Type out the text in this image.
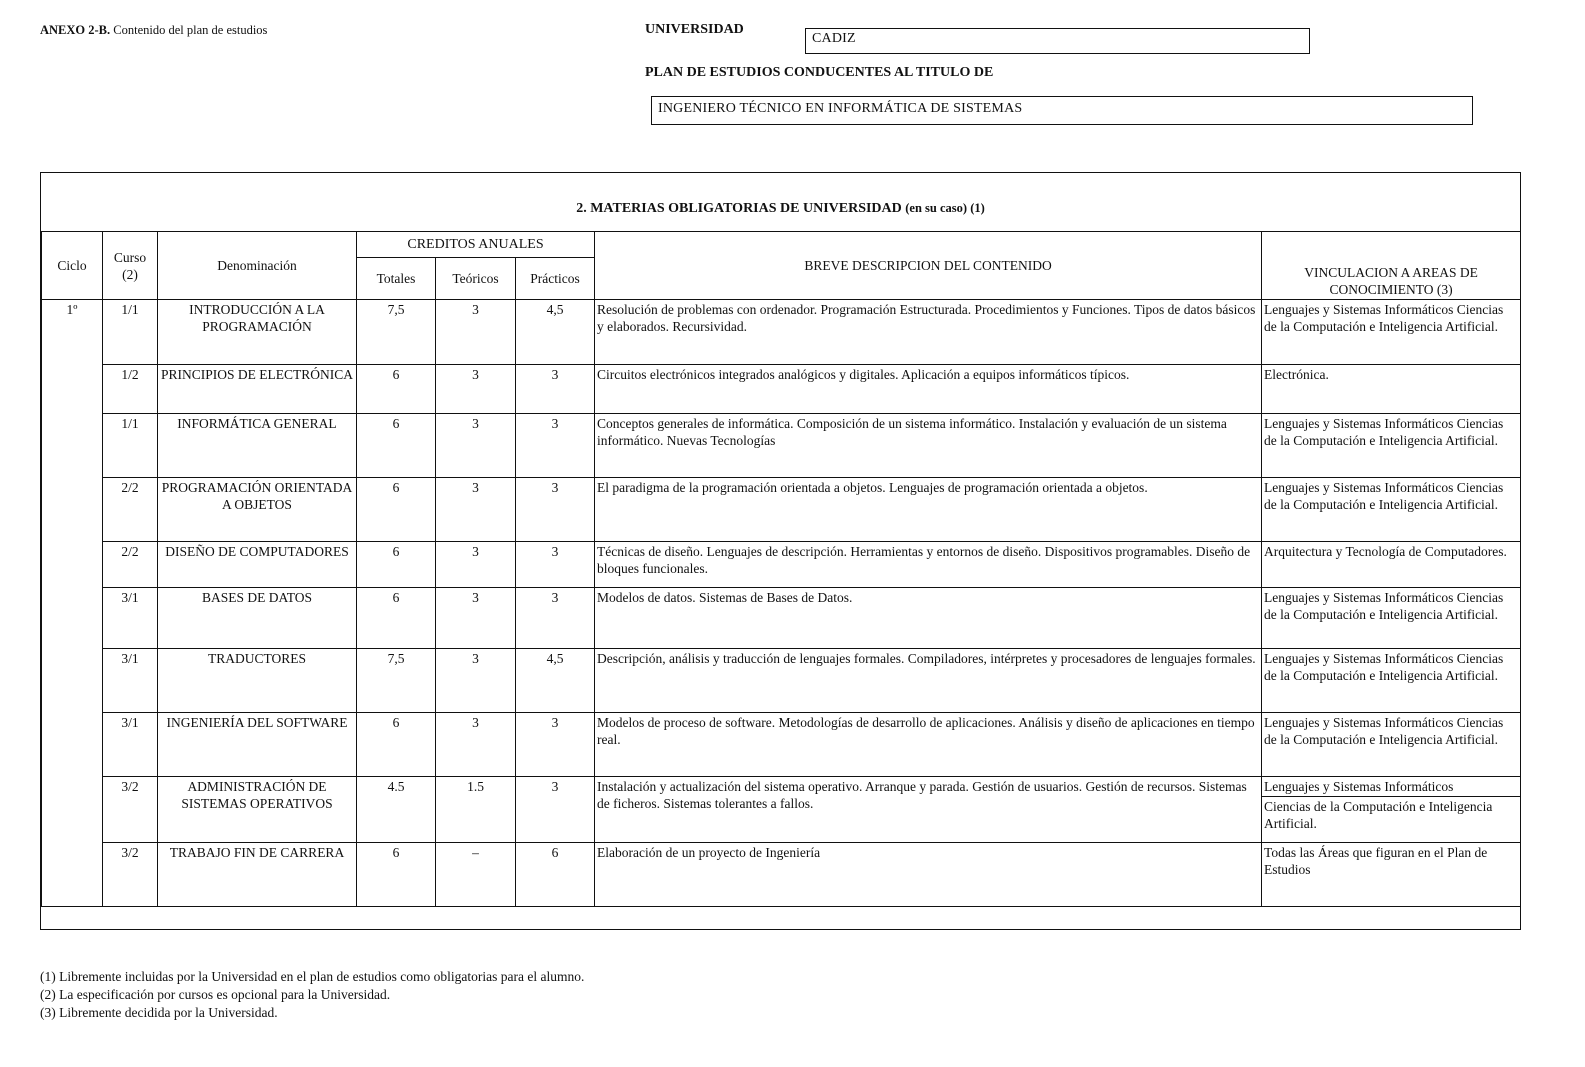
ANEXO 2-B. Contenido del plan de estudios	UNIVERSIDAD
CADIZ
PLAN DE ESTUDIOS CONDUCENTES AL TITULO DE
INGENIERO TÉCNICO EN INFORMÁTICA DE SISTEMAS
2. MATERIAS OBLIGATORIAS DE UNIVERSIDAD (en su caso) (1)
Ciclo	Curso (2)	Denominación	CREDITOS ANUALES			BREVE DESCRIPCION DEL CONTENIDO	VINCULACION A AREAS DE CONOCIMIENTO (3)
			Totales	Teóricos	Prácticos		
1º	1/1	INTRODUCCIÓN A LA PROGRAMACIÓN	7,5	3	4,5	Resolución de problemas con ordenador. Programación Estructurada. Procedimientos y Funciones. Tipos de datos básicos y elaborados. Recursividad.	Lenguajes y Sistemas Informáticos Ciencias de la Computación e Inteligencia Artificial.
	1/2	PRINCIPIOS DE ELECTRÓNICA	6	3	3	Circuitos electrónicos integrados analógicos y digitales. Aplicación a equipos informáticos típicos.	Electrónica.
	1/1	INFORMÁTICA GENERAL	6	3	3	Conceptos generales de informática. Composición de un sistema informático. Instalación y evaluación de un sistema informático. Nuevas Tecnologías	Lenguajes y Sistemas Informáticos Ciencias de la Computación e Inteligencia Artificial.
	2/2	PROGRAMACIÓN ORIENTADA A OBJETOS	6	3	3	El paradigma de la programación orientada a objetos. Lenguajes de programación orientada a objetos.	Lenguajes y Sistemas Informáticos Ciencias de la Computación e Inteligencia Artificial.
	2/2	DISEÑO DE COMPUTADORES	6	3	3	Técnicas de diseño. Lenguajes de descripción. Herramientas y entornos de diseño. Dispositivos programables. Diseño de bloques funcionales.	Arquitectura y Tecnología de Computadores.
	3/1	BASES DE DATOS	6	3	3	Modelos de datos. Sistemas de Bases de Datos.	Lenguajes y Sistemas Informáticos Ciencias de la Computación e Inteligencia Artificial.
	3/1	TRADUCTORES	7,5	3	4,5	Descripción, análisis y traducción de lenguajes formales. Compiladores, intérpretes y procesadores de lenguajes formales.	Lenguajes y Sistemas Informáticos Ciencias de la Computación e Inteligencia Artificial.
	3/1	INGENIERÍA DEL SOFTWARE	6	3	3	Modelos de proceso de software. Metodologías de desarrollo de aplicaciones. Análisis y diseño de aplicaciones en tiempo real.	Lenguajes y Sistemas Informáticos Ciencias de la Computación e Inteligencia Artificial.
	3/2	ADMINISTRACIÓN DE SISTEMAS OPERATIVOS	4.5	1.5	3	Instalación y actualización del sistema operativo. Arranque y parada. Gestión de usuarios. Gestión de recursos. Sistemas de ficheros. Sistemas tolerantes a fallos.	Lenguajes y Sistemas Informáticos
Ciencias de la Computación e Inteligencia Artificial.

	3/2	TRABAJO FIN DE CARRERA	6	–	6	Elaboración de un proyecto de Ingeniería	Todas las Áreas que figuran en el Plan de Estudios
(1) Libremente incluidas por la Universidad en el plan de estudios como obligatorias para el alumno.
(2) La especificación por cursos es opcional para la Universidad.
(3) Libremente decidida por la Universidad.
